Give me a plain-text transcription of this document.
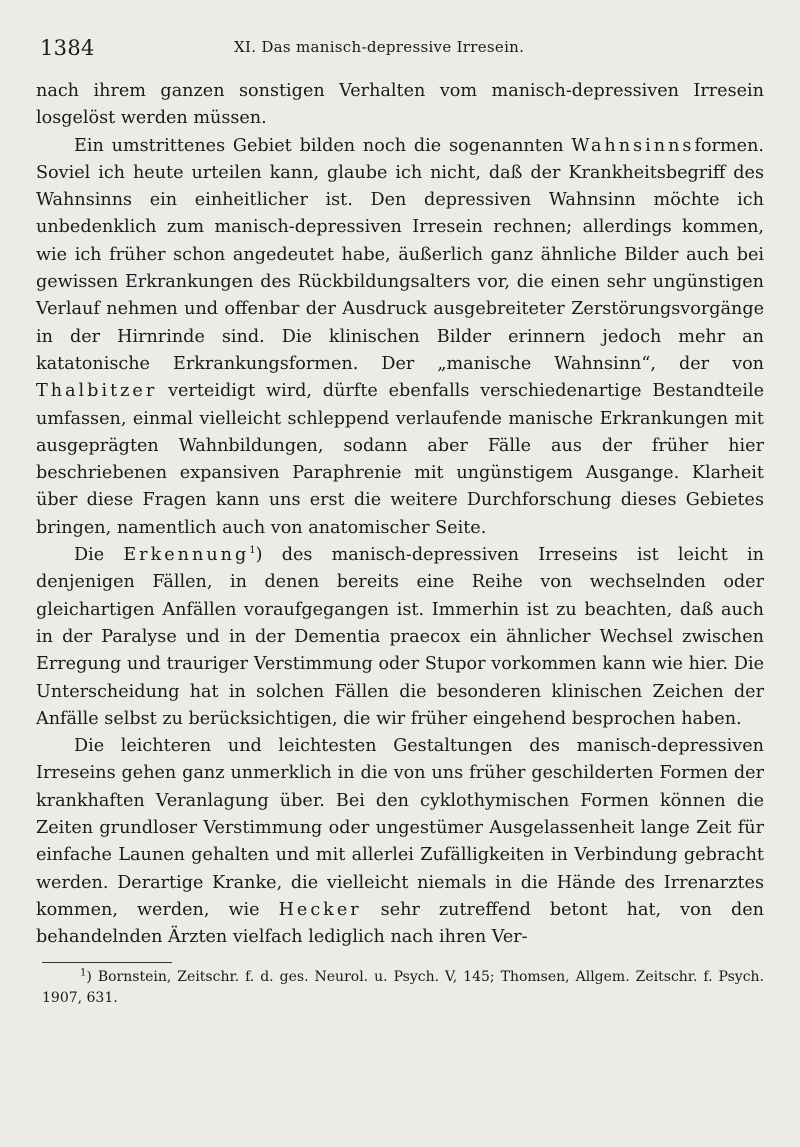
1384	XI. Das manisch-depressive Irresein.

nach ihrem ganzen sonstigen Verhalten vom manisch-depressiven Irresein losgelöst werden müssen.

Ein umstrittenes Gebiet bilden noch die sogenannten Wahnsinnsformen. Soviel ich heute urteilen kann, glaube ich nicht, daß der Krankheitsbegriff des Wahnsinns ein einheitlicher ist. Den depressiven Wahnsinn möchte ich unbedenklich zum manisch-depressiven Irresein rechnen; allerdings kommen, wie ich früher schon angedeutet habe, äußerlich ganz ähnliche Bilder auch bei gewissen Erkrankungen des Rückbildungsalters vor, die einen sehr ungünstigen Verlauf nehmen und offenbar der Ausdruck ausgebreiteter Zerstörungsvorgänge in der Hirnrinde sind. Die klinischen Bilder erinnern jedoch mehr an katatonische Erkrankungsformen. Der „manische Wahnsinn“, der von Thalbitzer verteidigt wird, dürfte ebenfalls verschiedenartige Bestandteile umfassen, einmal vielleicht schleppend verlaufende manische Erkrankungen mit ausgeprägten Wahnbildungen, sodann aber Fälle aus der früher hier beschriebenen expansiven Paraphrenie mit ungünstigem Ausgange. Klarheit über diese Fragen kann uns erst die weitere Durchforschung dieses Gebietes bringen, namentlich auch von anatomischer Seite.

Die Erkennung$^1$) des manisch-depressiven Irreseins ist leicht in denjenigen Fällen, in denen bereits eine Reihe von wechselnden oder gleichartigen Anfällen voraufgegangen ist. Immerhin ist zu beachten, daß auch in der Paralyse und in der Dementia praecox ein ähnlicher Wechsel zwischen Erregung und trauriger Verstimmung oder Stupor vorkommen kann wie hier. Die Unterscheidung hat in solchen Fällen die besonderen klinischen Zeichen der Anfälle selbst zu berücksichtigen, die wir früher eingehend besprochen haben.

Die leichteren und leichtesten Gestaltungen des manisch-depressiven Irreseins gehen ganz unmerklich in die von uns früher geschilderten Formen der krankhaften Veranlagung über. Bei den cyklothymischen Formen können die Zeiten grundloser Verstimmung oder ungestümer Ausgelassenheit lange Zeit für einfache Launen gehalten und mit allerlei Zufälligkeiten in Verbindung gebracht werden. Derartige Kranke, die vielleicht niemals in die Hände des Irrenarztes kommen, werden, wie Hecker sehr zutreffend betont hat, von den behandelnden Ärzten vielfach lediglich nach ihren Ver-

$^1$) Bornstein, Zeitschr. f. d. ges. Neurol. u. Psych. V, 145; Thomsen, Allgem. Zeitschr. f. Psych. 1907, 631.
